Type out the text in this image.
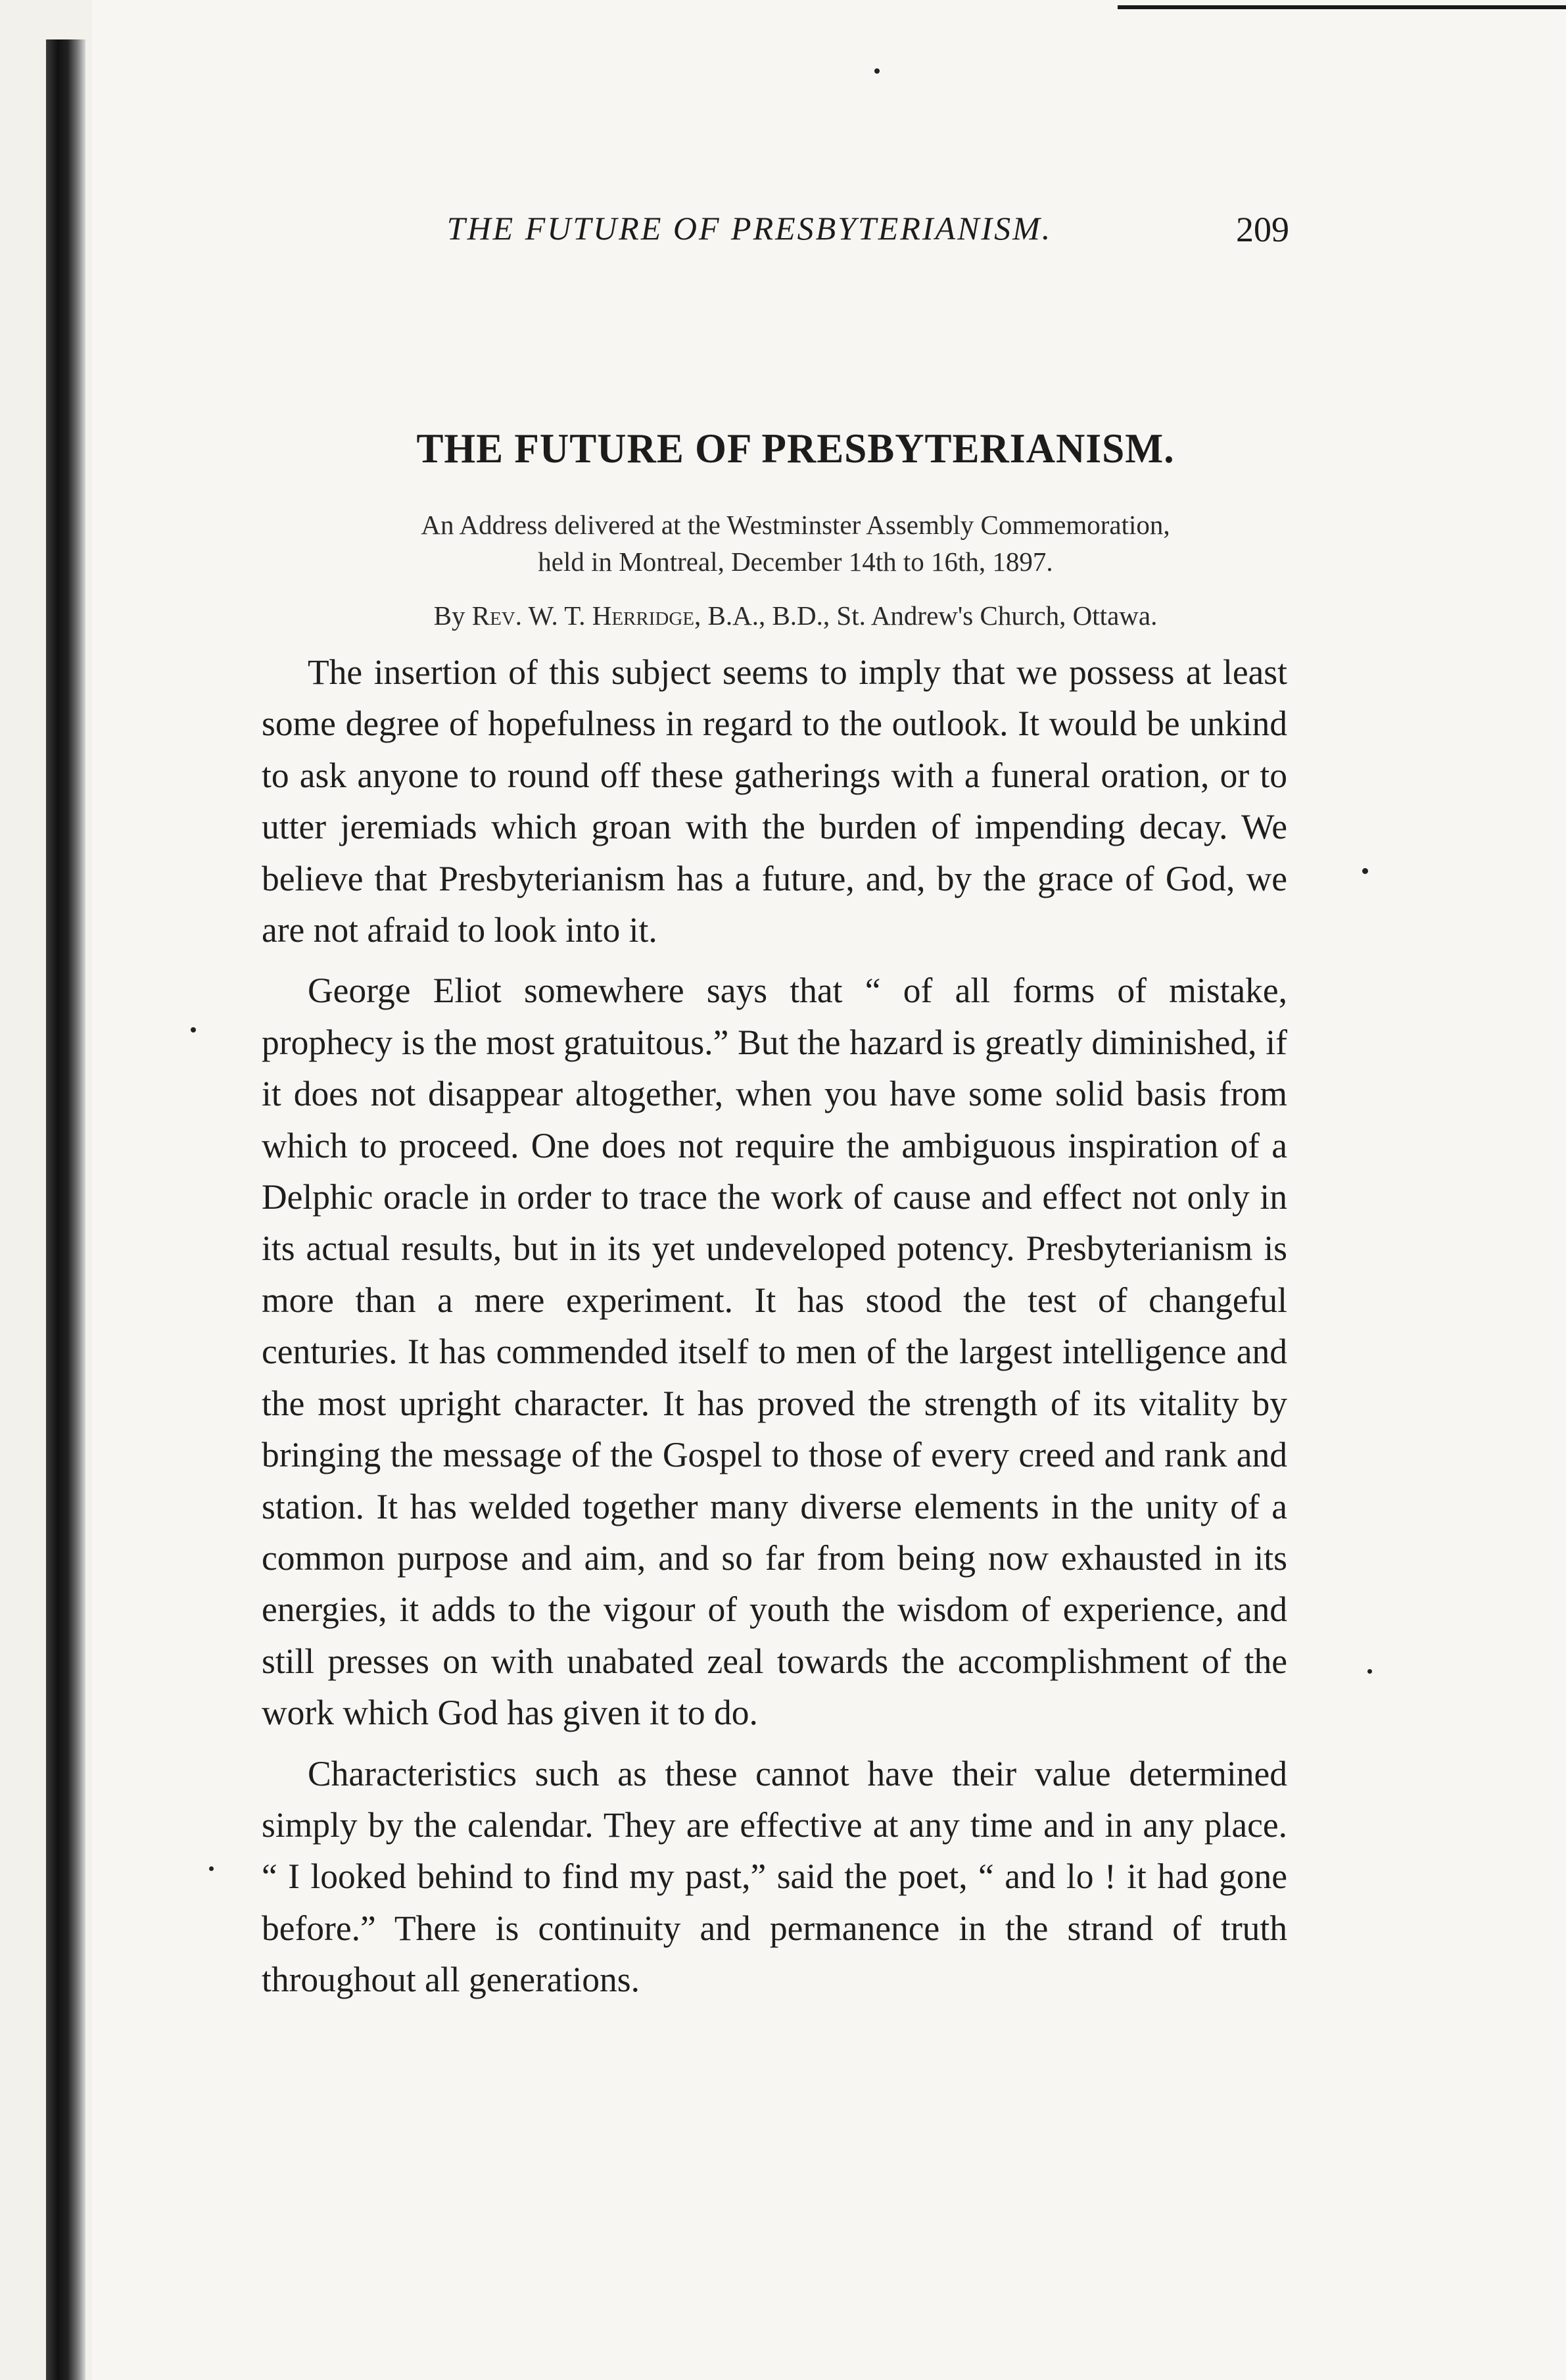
THE FUTURE OF PRESBYTERIANISM.	209
THE FUTURE OF PRESBYTERIANISM.
An Address delivered at the Westminster Assembly Commemoration,
held in Montreal, December 14th to 16th, 1897.
By Rev. W. T. Herridge, B.A., B.D., St. Andrew's Church, Ottawa.

The insertion of this subject seems to imply that we possess at least some degree of hopefulness in regard to the outlook. It would be unkind to ask anyone to round off these gatherings with a funeral oration, or to utter jeremiads which groan with the burden of impending decay. We believe that Presbyterianism has a future, and, by the grace of God, we are not afraid to look into it.

George Eliot somewhere says that “ of all forms of mistake, prophecy is the most gratuitous.” But the hazard is greatly diminished, if it does not disappear altogether, when you have some solid basis from which to proceed. One does not require the ambiguous inspiration of a Delphic oracle in order to trace the work of cause and effect not only in its actual results, but in its yet undeveloped potency. Presbyterianism is more than a mere experiment. It has stood the test of changeful centuries. It has commended itself to men of the largest intelligence and the most upright character. It has proved the strength of its vitality by bringing the message of the Gospel to those of every creed and rank and station. It has welded together many diverse elements in the unity of a common purpose and aim, and so far from being now exhausted in its energies, it adds to the vigour of youth the wisdom of experience, and still presses on with unabated zeal towards the accomplishment of the work which God has given it to do.

Characteristics such as these cannot have their value determined simply by the calendar. They are effective at any time and in any place. “ I looked behind to find my past,” said the poet, “ and lo ! it had gone before.” There is continuity and permanence in the strand of truth throughout all generations.
